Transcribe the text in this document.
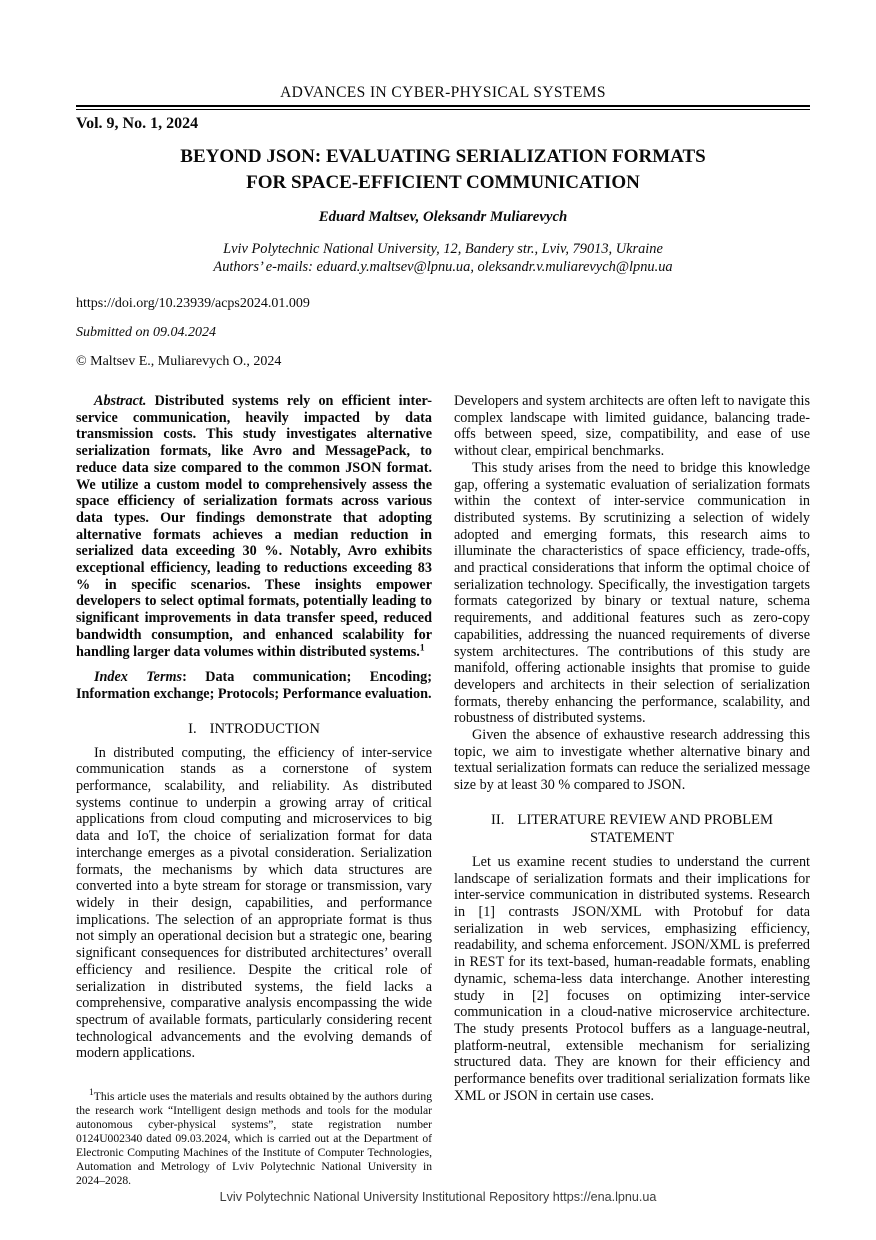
ADVANCES IN CYBER-PHYSICAL SYSTEMS
Vol. 9, No. 1, 2024
BEYOND JSON: EVALUATING SERIALIZATION FORMATS
FOR SPACE-EFFICIENT COMMUNICATION
Eduard Maltsev, Oleksandr Muliarevych
Lviv Polytechnic National University, 12, Bandery str., Lviv, 79013, Ukraine
Authors’ e-mails: eduard.y.maltsev@lpnu.ua, oleksandr.v.muliarevych@lpnu.ua
https://doi.org/10.23939/acps2024.01.009
Submitted on 09.04.2024
© Maltsev E., Muliarevych O., 2024

Abstract. Distributed systems rely on efficient inter-service communication, heavily impacted by data transmission costs. This study investigates alternative serialization formats, like Avro and MessagePack, to reduce data size compared to the common JSON format. We utilize a custom model to comprehensively assess the space efficiency of serialization formats across various data types. Our findings demonstrate that adopting alternative formats achieves a median reduction in serialized data exceeding 30 %. Notably, Avro exhibits exceptional efficiency, leading to reductions exceeding 83 % in specific scenarios. These insights empower developers to select optimal formats, potentially leading to significant improvements in data transfer speed, reduced bandwidth consumption, and enhanced scalability for handling larger data volumes within distributed systems.$^1$

Index Terms: Data communication; Encoding; Information exchange; Protocols; Performance evaluation.

I. INTRODUCTION

In distributed computing, the efficiency of inter-service communication stands as a cornerstone of system performance, scalability, and reliability. As distributed systems continue to underpin a growing array of critical applications from cloud computing and microservices to big data and IoT, the choice of serialization format for data interchange emerges as a pivotal consideration. Serialization formats, the mechanisms by which data structures are converted into a byte stream for storage or transmission, vary widely in their design, capabilities, and performance implications. The selection of an appropriate format is thus not simply an operational decision but a strategic one, bearing significant consequences for distributed architectures’ overall efficiency and resilience. Despite the critical role of serialization in distributed systems, the field lacks a comprehensive, comparative analysis encompassing the wide spectrum of available formats, particularly considering recent technological advancements and the evolving demands of modern applications.

$^1$This article uses the materials and results obtained by the authors during the research work “Intelligent design methods and tools for the modular autonomous cyber-physical systems”, state registration number 0124U002340 dated 09.03.2024, which is carried out at the Department of Electronic Computing Machines of the Institute of Computer Technologies, Automation and Metrology of Lviv Polytechnic National University in 2024–2028.

Developers and system architects are often left to navigate this complex landscape with limited guidance, balancing trade-offs between speed, size, compatibility, and ease of use without clear, empirical benchmarks.

This study arises from the need to bridge this knowledge gap, offering a systematic evaluation of serialization formats within the context of inter-service communication in distributed systems. By scrutinizing a selection of widely adopted and emerging formats, this research aims to illuminate the characteristics of space efficiency, trade-offs, and practical considerations that inform the optimal choice of serialization technology. Specifically, the investigation targets formats categorized by binary or textual nature, schema requirements, and additional features such as zero-copy capabilities, addressing the nuanced requirements of diverse system architectures. The contributions of this study are manifold, offering actionable insights that promise to guide developers and architects in their selection of serialization formats, thereby enhancing the performance, scalability, and robustness of distributed systems.

Given the absence of exhaustive research addressing this topic, we aim to investigate whether alternative binary and textual serialization formats can reduce the serialized message size by at least 30 % compared to JSON.

II. LITERATURE REVIEW AND PROBLEM STATEMENT

Let us examine recent studies to understand the current landscape of serialization formats and their implications for inter-service communication in distributed systems. Research in [1] contrasts JSON/XML with Protobuf for data serialization in web services, emphasizing efficiency, readability, and schema enforcement. JSON/XML is preferred in REST for its text-based, human-readable formats, enabling dynamic, schema-less data interchange. Another interesting study in [2] focuses on optimizing inter-service communication in a cloud-native microservice architecture. The study presents Protocol buffers as a language-neutral, platform-neutral, extensible mechanism for serializing structured data. They are known for their efficiency and performance benefits over traditional serialization formats like XML or JSON in certain use cases.

Lviv Polytechnic National University Institutional Repository https://ena.lpnu.ua
